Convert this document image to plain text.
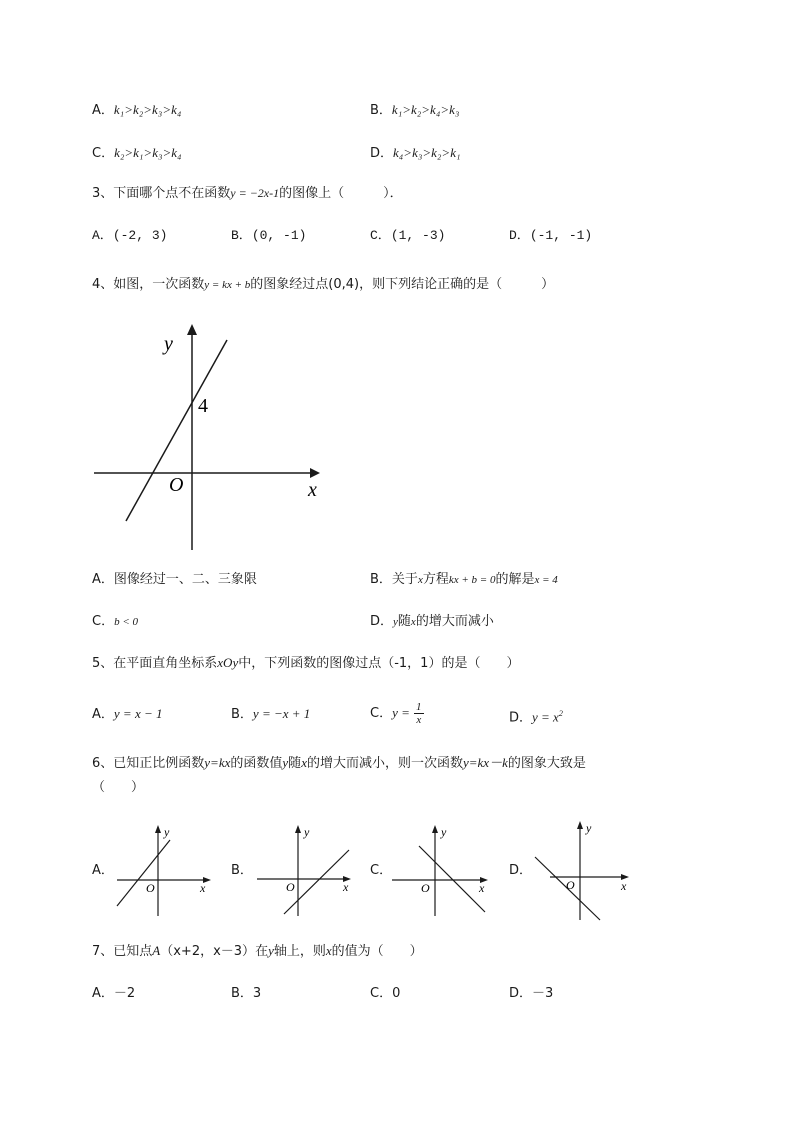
A．k₁>k₂>k₃>k₄	B．k₁>k₂>k₄>k₃
C．k₂>k₁>k₃>k₄	D．k₄>k₃>k₂>k₁
3、下面哪个点不在函数y = −2x-1的图像上（　　　）．
A．(-2, 3)	B．(0, -1)	C．(1, -3)	D．(-1, -1)
4、如图，一次函数y = kx + b的图象经过点(0,4)，则下列结论正确的是（　　　）
y
x
O
4
A．图像经过一、二、三象限	B．关于x方程kx + b = 0的解是x = 4
C．b < 0	D．y随x的增大而减小
5、在平面直角坐标系xOy中，下列函数的图像过点（-1，1）的是（　　）
A．y = x − 1	B．y = −x + 1	C．$y = \frac{1}{x}$	D．$y = x^2$
6、已知正比例函数y=kx的函数值y随x的增大而减小，则一次函数y=kx－k的图象大致是
（　　）
A．
y
x
O
B．
y
x
O
C．
y
x
O
D．
y
x
O
7、已知点A（x+2，x－3）在y轴上，则x的值为（　　）
A．－2	B．3	C．0	D．－3
